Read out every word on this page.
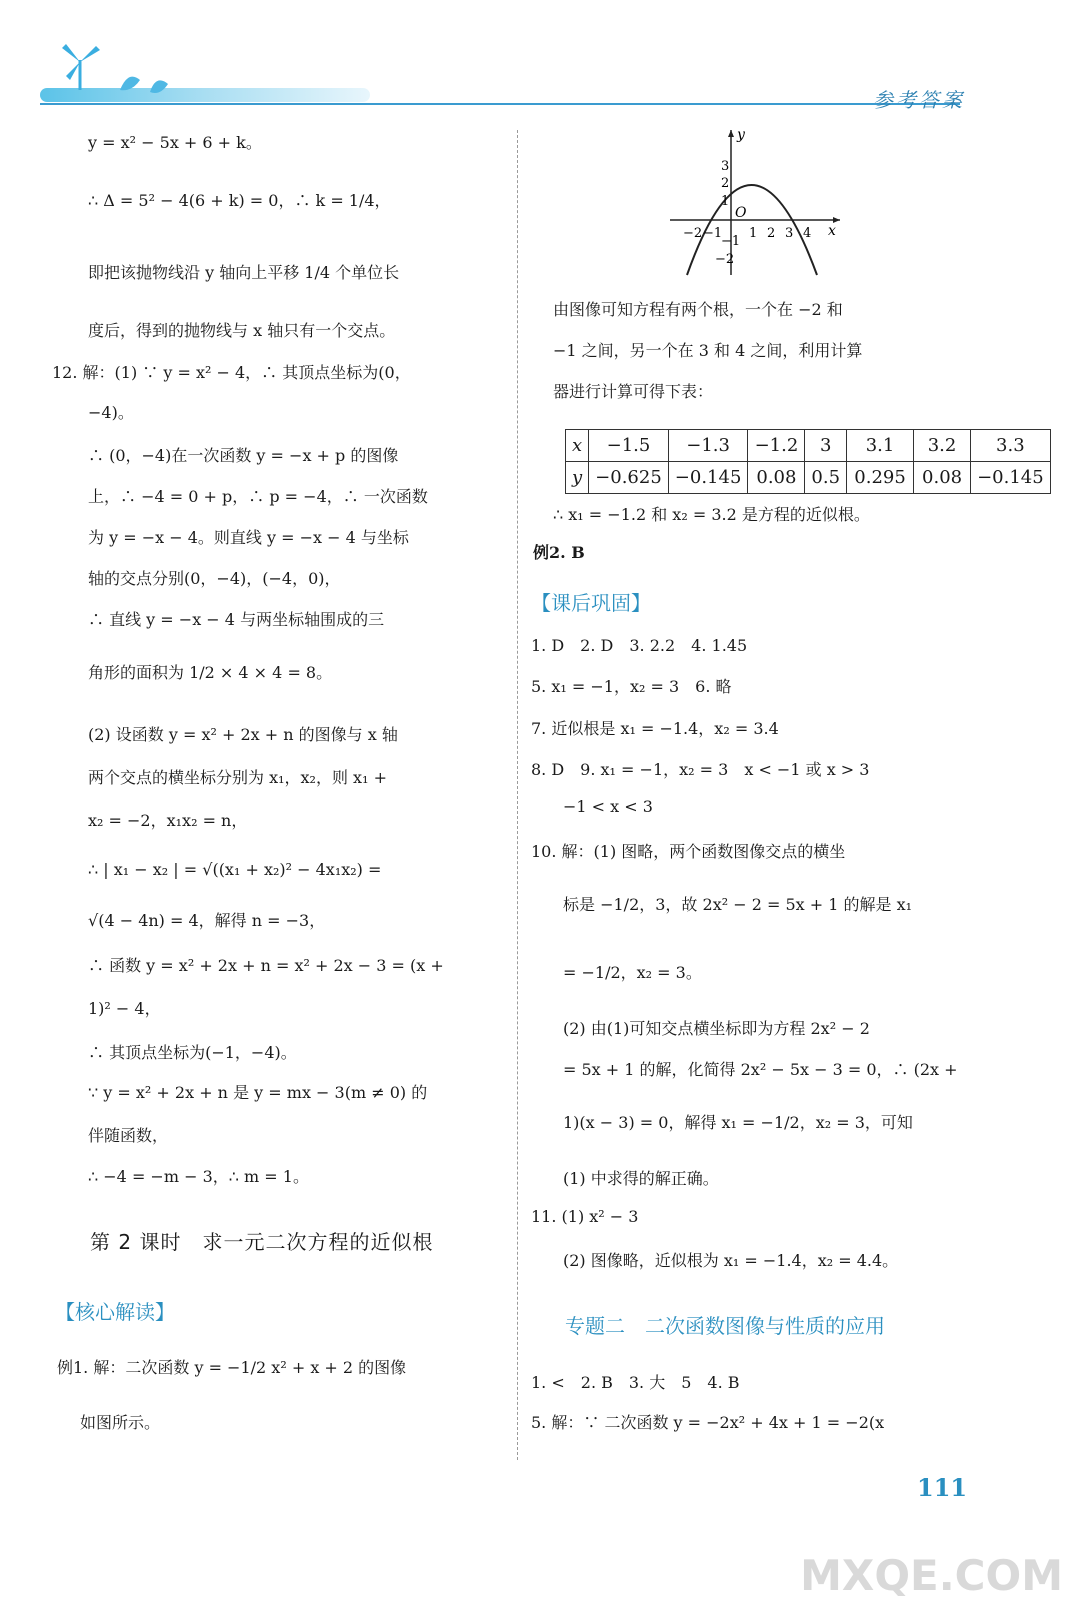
参考答案
y = x² − 5x + 6 + k。
∴ Δ = 5² − 4(6 + k) = 0，∴ k = 1/4，
即把该抛物线沿 y 轴向上平移 1/4 个单位长
度后，得到的抛物线与 x 轴只有一个交点。
12. 解：(1) ∵ y = x² − 4，∴ 其顶点坐标为(0，
−4)。
∴ (0，−4)在一次函数 y = −x + p 的图像
上，∴ −4 = 0 + p，∴ p = −4，∴ 一次函数
为 y = −x − 4。则直线 y = −x − 4 与坐标
轴的交点分别(0，−4)，(−4，0)，
∴ 直线 y = −x − 4 与两坐标轴围成的三
角形的面积为 1/2 × 4 × 4 = 8。
(2) 设函数 y = x² + 2x + n 的图像与 x 轴
两个交点的横坐标分别为 x₁，x₂，则 x₁ +
x₂ = −2，x₁x₂ = n，
∴ | x₁ − x₂ | = √((x₁ + x₂)² − 4x₁x₂) =
√(4 − 4n) = 4，解得 n = −3，
∴ 函数 y = x² + 2x + n = x² + 2x − 3 = (x +
1)² − 4，
∴ 其顶点坐标为(−1，−4)。
∵ y = x² + 2x + n 是 y = mx − 3(m ≠ 0) 的
伴随函数，
∴ −4 = −m − 3，∴ m = 1。
第 2 课时　求一元二次方程的近似根
【核心解读】
例1. 解：二次函数 y = −1/2 x² + x + 2 的图像
如图所示。
y
x
O
−2 −1 1 2 3 4
3
2
1
−1
−2
由图像可知方程有两个根，一个在 −2 和
−1 之间，另一个在 3 和 4 之间，利用计算
器进行计算可得下表：
x	−1.5	−1.3	−1.2	3	3.1	3.2	3.3
y	−0.625	−0.145	0.08	0.5	0.295	0.08	−0.145
∴ x₁ = −1.2 和 x₂ = 3.2 是方程的近似根。
例2. B
【课后巩固】
1. D　2. D　3. 2.2　4. 1.45
5. x₁ = −1，x₂ = 3　6. 略
7. 近似根是 x₁ = −1.4，x₂ = 3.4
8. D　9. x₁ = −1，x₂ = 3　x < −1 或 x > 3
−1 < x < 3
10. 解：(1) 图略，两个函数图像交点的横坐
标是 −1/2，3，故 2x² − 2 = 5x + 1 的解是 x₁
= −1/2，x₂ = 3。
(2) 由(1)可知交点横坐标即为方程 2x² − 2
= 5x + 1 的解，化简得 2x² − 5x − 3 = 0，∴ (2x +
1)(x − 3) = 0，解得 x₁ = −1/2，x₂ = 3，可知
(1) 中求得的解正确。
11. (1) x² − 3
(2) 图像略，近似根为 x₁ = −1.4，x₂ = 4.4。
专题二　二次函数图像与性质的应用
1. <　2. B　3. 大　5　4. B
5. 解：∵ 二次函数 y = −2x² + 4x + 1 = −2(x
111
MXQE.COM
